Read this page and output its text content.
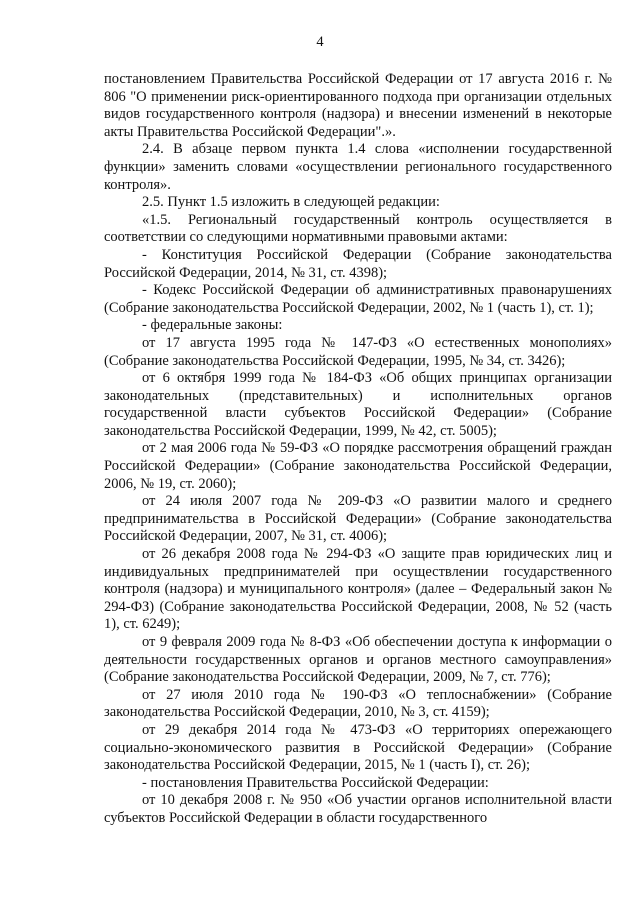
4

постановлением Правительства Российской Федерации от 17 августа 2016 г. № 806 "О применении риск-ориентированного подхода при организации отдельных видов государственного контроля (надзора) и внесении изменений в некоторые акты Правительства Российской Федерации".».

2.4. В абзаце первом пункта 1.4 слова «исполнении государственной функции» заменить словами «осуществлении регионального государственного контроля».

2.5. Пункт 1.5 изложить в следующей редакции:

«1.5. Региональный государственный контроль осуществляется в соответствии со следующими нормативными правовыми актами:

- Конституция Российской Федерации (Собрание законодательства Российской Федерации, 2014, № 31, ст. 4398);

- Кодекс Российской Федерации об административных правонарушениях (Собрание законодательства Российской Федерации, 2002, № 1 (часть 1), ст. 1);

- федеральные законы:

от 17 августа 1995 года № 147-ФЗ «О естественных монополиях» (Собрание законодательства Российской Федерации, 1995, № 34, ст. 3426);

от 6 октября 1999 года № 184-ФЗ «Об общих принципах организации законодательных (представительных) и исполнительных органов государственной власти субъектов Российской Федерации» (Собрание законодательства Российской Федерации, 1999, № 42, ст. 5005);

от 2 мая 2006 года № 59-ФЗ «О порядке рассмотрения обращений граждан Российской Федерации» (Собрание законодательства Российской Федерации, 2006, № 19, ст. 2060);

от 24 июля 2007 года № 209-ФЗ «О развитии малого и среднего предпринимательства в Российской Федерации» (Собрание законодательства Российской Федерации, 2007, № 31, ст. 4006);

от 26 декабря 2008 года № 294-ФЗ «О защите прав юридических лиц и индивидуальных предпринимателей при осуществлении государственного контроля (надзора) и муниципального контроля» (далее – Федеральный закон № 294-ФЗ) (Собрание законодательства Российской Федерации, 2008, № 52 (часть 1), ст. 6249);

от 9 февраля 2009 года № 8-ФЗ «Об обеспечении доступа к информации о деятельности государственных органов и органов местного самоуправления» (Собрание законодательства Российской Федерации, 2009, № 7, ст. 776);

от 27 июля 2010 года № 190-ФЗ «О теплоснабжении» (Собрание законодательства Российской Федерации, 2010, № 3, ст. 4159);

от 29 декабря 2014 года № 473-ФЗ «О территориях опережающего социально-экономического развития в Российской Федерации» (Собрание законодательства Российской Федерации, 2015, № 1 (часть I), ст. 26);

- постановления Правительства Российской Федерации:

от 10 декабря 2008 г. № 950 «Об участии органов исполнительной власти субъектов Российской Федерации в области государственного
